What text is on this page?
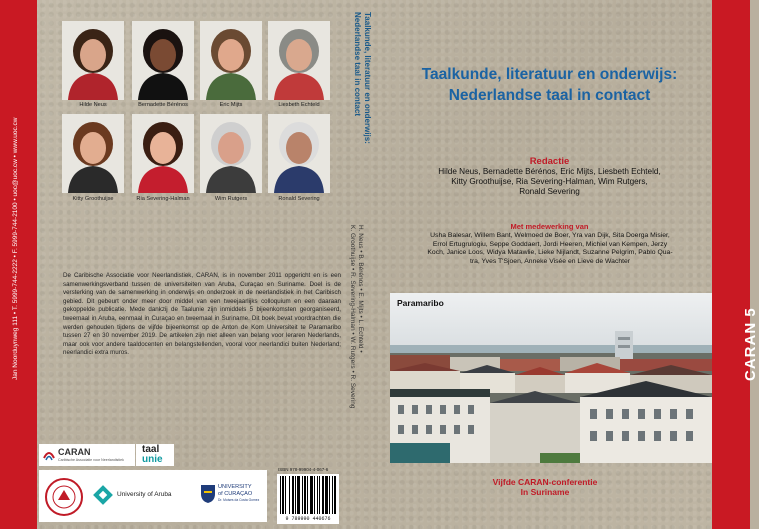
Jan Noorduynweg 111 • T. 5999-744-2222 • F. 5999-744-2100 • uoc@uoc.cw • www.uoc.cw
Hilde Neus	Bernadette Bérénos	Eric Mijts	Liesbeth Echteld
Kitty Groothuijse	Ria Severing-Halman	Wim Rutgers	Ronald Severing
De Caribische Associatie voor Neerlandistiek, CARAN, is in november 2011 opgericht en is een samenwerkingsverband tussen de universiteiten van Aruba, Curaçao en Suriname. Doel is de versterking van de samenwerking in onderwijs en onderzoek in de neerlandistiek in het Caribisch gebied. Dit gebeurt onder meer door middel van een tweejaarlijks colloquium en een daaraan gekoppelde publicatie. Mede dankzij de Taalunie zijn inmiddels 5 bijeenkomsten georganiseerd, tweemaal in Aruba, eenmaal in Curaçao en tweemaal in Suriname. Dit boek bevat voordrachten die werden gehouden tijdens de vijfde bijeenkomst op de Anton de Kom Universiteit te Paramaribo tussen 27 en 30 november 2019. De artikelen zijn niet alleen van belang voor leraren Nederlands, maar ook voor andere taaldocenten en belangstellenden, vooral voor neerlandici buiten Nederland; neerlandici extra muros.
CARAN
Caribische Associatie voor Neerlandistiek
taal
unie
University of Aruba
UNIVERSITY
of CURAÇAO
Dr. Moises da Costa Gomez
ISBN 978-99904-4-067-6
9 789990 440676
Taalkunde, literatuur en onderwijs:
Nederlandse taal in contact
H. Neus • B. Bérénos • E. Mijts • L. Echteld •
K. Groothuijse • R. Severing-Halman • W. Rutgers • R. Severing
Taalkunde, literatuur en onderwijs:
Nederlandse taal in contact
Redactie
Hilde Neus, Bernadette Bérénos, Eric Mijts, Liesbeth Echteld,
Kitty Groothuijse, Ria Severing-Halman, Wim Rutgers,
Ronald Severing
Met medewerking van
Usha Balesar, Willem Bant, Welmoed de Boer, Yra van Dijk, Sita Doerga Misier,
Errol Ertugrulogiu, Seppe Goddaert, Jordi Heeren, Michiel van Kempen, Jerzy
Koch, Janice Loos, Widya Matawlie, Lieke Nijlandt, Suzanne Pelgrim, Pablo Qua-
tra, Yves T'Sjoen, Anneke Visée en Lieve de Wachter
Paramaribo
Vijfde CARAN-conferentie
In Suriname
CARAN 5
